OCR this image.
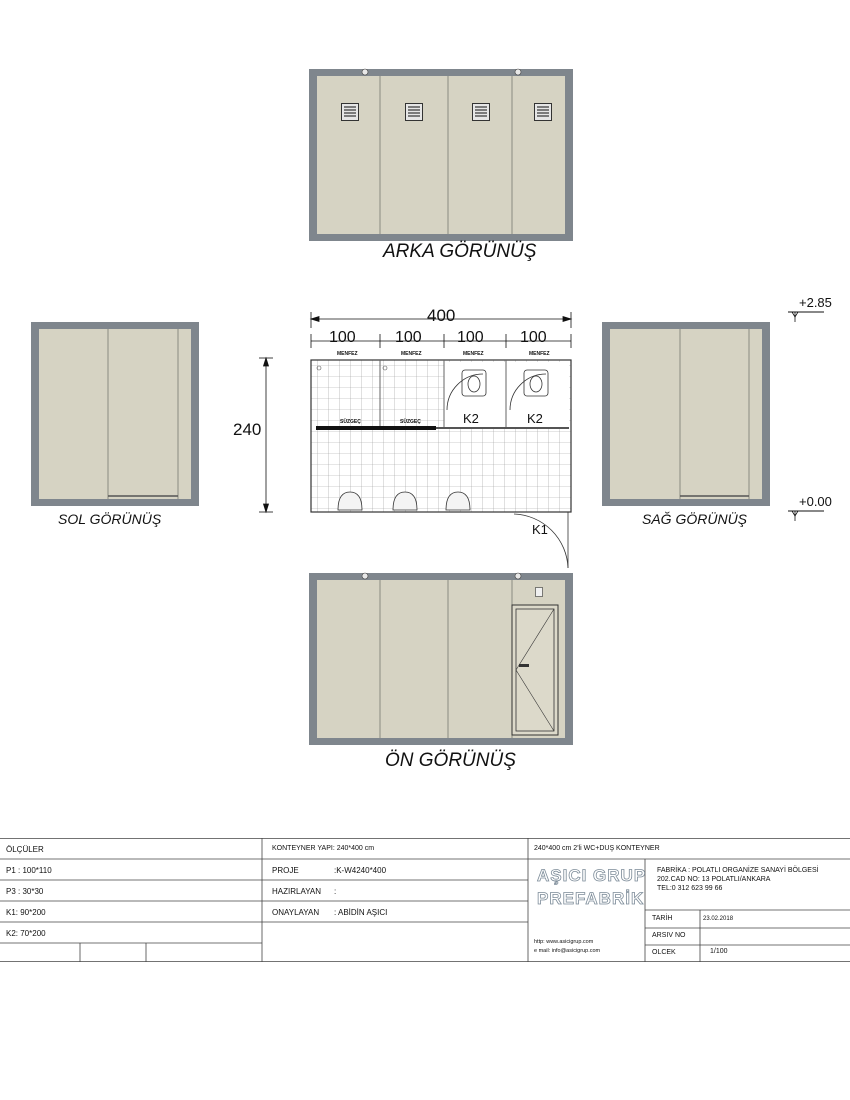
ARKA GÖRÜNÜŞ
SOL GÖRÜNÜŞ	SAĞ GÖRÜNÜŞ
+2.85
+0.00
400
100 100 100 100
240
MENFEZ	MENFEZ	MENFEZ	MENFEZ
SÜZGEÇ	SÜZGEÇ	K2	K2
K1
ÖN GÖRÜNÜŞ
ÖLÇÜLER
P1 : 100*110
P3 : 30*30
K1: 90*200
K2: 70*200
KONTEYNER YAPI: 240*400 cm
PROJE	:K-W4240*400
HAZIRLAYAN :
ONAYLAYAN : ABİDİN AŞICI
240*400 cm 2'li WC+DUŞ KONTEYNER
AŞICI GRUP
PREFABRİK
http: www.asicigrup.com
e mail: info@asicigrup.com
FABRİKA : POLATLI ORGANİZE SANAYİ BÖLGESİ
202.CAD NO: 13 POLATLI/ANKARA
TEL:0 312 623 99 66
TARİH	23.02.2018
ARSIV NO
OLCEK	1/100
